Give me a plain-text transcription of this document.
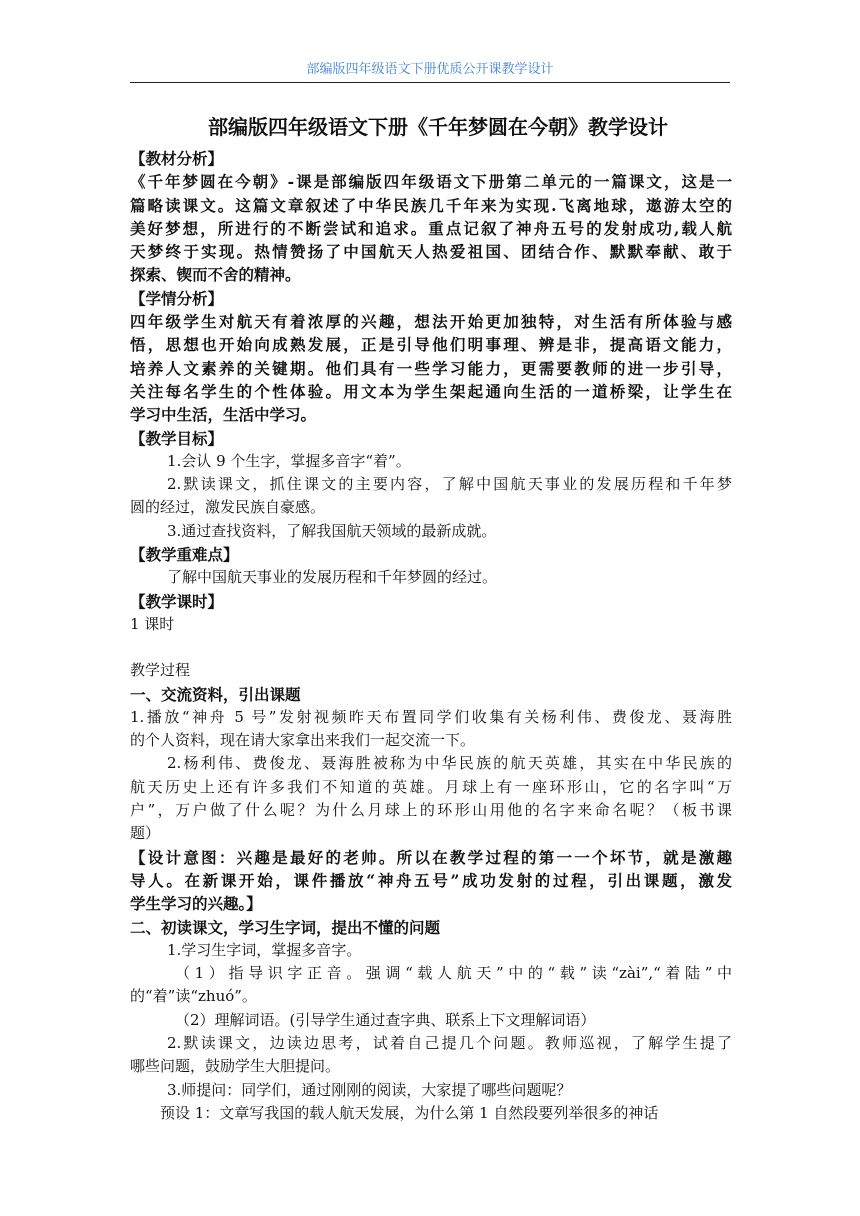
部编版四年级语文下册优质公开课教学设计
部编版四年级语文下册《千年梦圆在今朝》教学设计
【教材分析】
《千年梦圆在今朝》-课是部编版四年级语文下册第二单元的一篇课文，这是一
篇略读课文。这篇文章叙述了中华民族几千年来为实现.飞离地球，遨游太空的
美好梦想，所进行的不断尝试和追求。重点记叙了神舟五号的发射成功,载人航
天梦终于实现。热情赞扬了中国航天人热爱祖国、团结合作、默默奉献、敢于
探索、锲而不舍的精神。
【学情分析】
四年级学生对航天有着浓厚的兴趣，想法开始更加独特，对生活有所体验与感
悟，思想也开始向成熟发展，正是引导他们明事理、辨是非，提高语文能力，
培养人文素养的关键期。他们具有一些学习能力，更需要教师的进一步引导，
关注每名学生的个性体验。用文本为学生架起通向生活的一道桥梁，让学生在
学习中生活，生活中学习。
【教学目标】
1.会认 9 个生字，掌握多音字“着”。
2.默读课文，抓住课文的主要内容，了解中国航天事业的发展历程和千年梦
圆的经过，激发民族自豪感。
3.通过查找资料，了解我国航天领域的最新成就。
【教学重难点】
了解中国航天事业的发展历程和千年梦圆的经过。
【教学课时】
1 课时
教学过程
一、交流资料，引出课题
1.播放“神舟 5 号”发射视频昨天布置同学们收集有关杨利伟、费俊龙、聂海胜
的个人资料，现在请大家拿出来我们一起交流一下。
2.杨利伟、费俊龙、聂海胜被称为中华民族的航天英雄，其实在中华民族的
航天历史上还有许多我们不知道的英雄。月球上有一座环形山，它的名字叫“万
户”，万户做了什么呢？为什么月球上的环形山用他的名字来命名呢？（板书课
题）
【设计意图：兴趣是最好的老帅。所以在教学过程的第一一个坏节，就是激趣
导人。在新课开始，课件播放“神舟五号”成功发射的过程，引出课题，激发
学生学习的兴趣。】
二、初读课文，学习生字词，提出不懂的问题
1.学习生字词，掌握多音字。
（1）指导识字正音。强调“载人航天”中的“载”读“zài”,“着陆”中
的“着”读“zhuó”。
（2）理解词语。(引导学生通过查字典、联系上下文理解词语）
2.默读课文，边读边思考，试着自己提几个问题。教师巡视，了解学生提了
哪些问题，鼓励学生大胆提问。
3.师提问：同学们，通过刚刚的阅读，大家提了哪些问题呢？
预设 1：文章写我国的载人航天发展，为什么第 1 自然段要列举很多的神话
